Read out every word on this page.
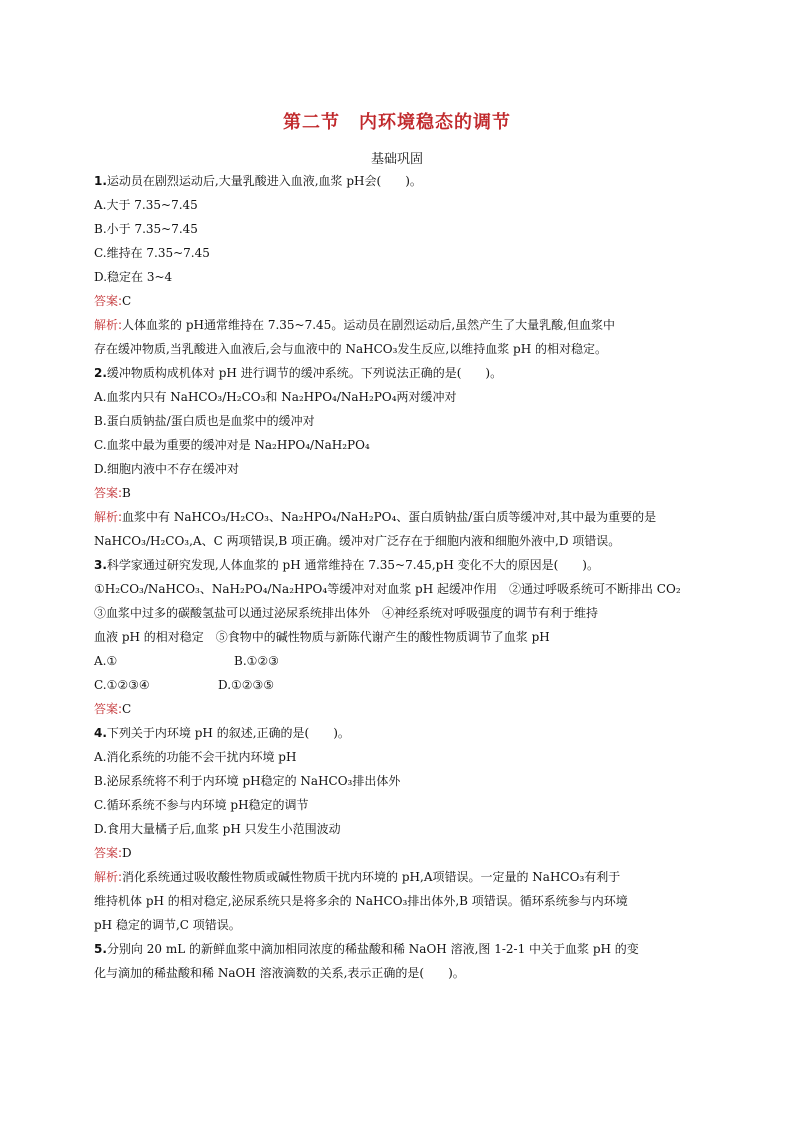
第二节　内环境稳态的调节
基础巩固
1.运动员在剧烈运动后,大量乳酸进入血液,血浆 pH会(　　)。
A.大于 7.35~7.45
B.小于 7.35~7.45
C.维持在 7.35~7.45
D.稳定在 3~4
答案:C
解析:人体血浆的 pH通常维持在 7.35~7.45。运动员在剧烈运动后,虽然产生了大量乳酸,但血浆中
存在缓冲物质,当乳酸进入血液后,会与血液中的 NaHCO₃发生反应,以维持血浆 pH 的相对稳定。
2.缓冲物质构成机体对 pH 进行调节的缓冲系统。下列说法正确的是(　　)。
A.血浆内只有 NaHCO₃/H₂CO₃和 Na₂HPO₄/NaH₂PO₄两对缓冲对
B.蛋白质钠盐/蛋白质也是血浆中的缓冲对
C.血浆中最为重要的缓冲对是 Na₂HPO₄/NaH₂PO₄
D.细胞内液中不存在缓冲对
答案:B
解析:血浆中有 NaHCO₃/H₂CO₃、Na₂HPO₄/NaH₂PO₄、蛋白质钠盐/蛋白质等缓冲对,其中最为重要的是
NaHCO₃/H₂CO₃,A、C 两项错误,B 项正确。缓冲对广泛存在于细胞内液和细胞外液中,D 项错误。
3.科学家通过研究发现,人体血浆的 pH 通常维持在 7.35~7.45,pH 变化不大的原因是(　　)。
①H₂CO₃/NaHCO₃、NaH₂PO₄/Na₂HPO₄等缓冲对对血浆 pH 起缓冲作用　②通过呼吸系统可不断排出 CO₂
③血浆中过多的碳酸氢盐可以通过泌尿系统排出体外　④神经系统对呼吸强度的调节有利于维持
血液 pH 的相对稳定　⑤食物中的碱性物质与新陈代谢产生的酸性物质调节了血浆 pH
A.①	B.①②③
C.①②③④	D.①②③⑤
答案:C
4.下列关于内环境 pH 的叙述,正确的是(　　)。
A.消化系统的功能不会干扰内环境 pH
B.泌尿系统将不利于内环境 pH稳定的 NaHCO₃排出体外
C.循环系统不参与内环境 pH稳定的调节
D.食用大量橘子后,血浆 pH 只发生小范围波动
答案:D
解析:消化系统通过吸收酸性物质或碱性物质干扰内环境的 pH,A项错误。一定量的 NaHCO₃有利于
维持机体 pH 的相对稳定,泌尿系统只是将多余的 NaHCO₃排出体外,B 项错误。循环系统参与内环境
pH 稳定的调节,C 项错误。
5.分别向 20 mL 的新鲜血浆中滴加相同浓度的稀盐酸和稀 NaOH 溶液,图 1-2-1 中关于血浆 pH 的变
化与滴加的稀盐酸和稀 NaOH 溶液滴数的关系,表示正确的是(　　)。
